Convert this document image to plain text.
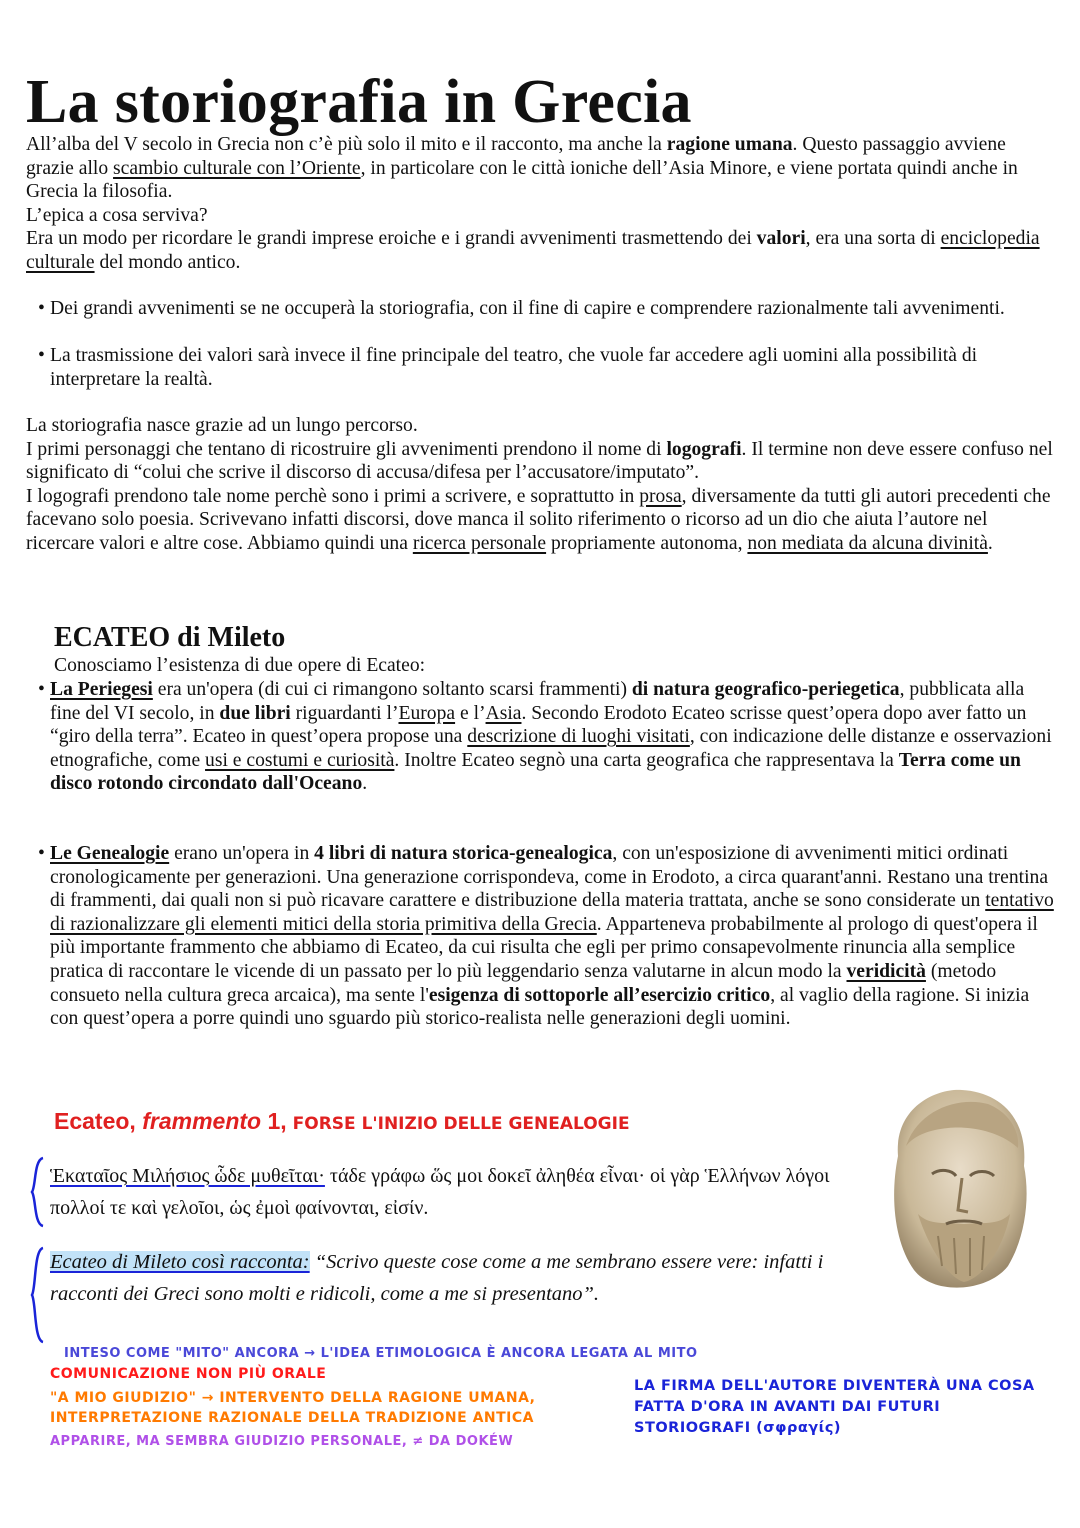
La storiografia in Grecia

All’alba del V secolo in Grecia non c’è più solo il mito e il racconto, ma anche la ragione umana. Questo passaggio avviene grazie allo scambio culturale con l’Oriente, in particolare con le città ioniche dell’Asia Minore, e viene portata quindi anche in Grecia la filosofia.

L’epica a cosa serviva?

Era un modo per ricordare le grandi imprese eroiche e i grandi avvenimenti trasmettendo dei valori, era una sorta di enciclopedia culturale del mondo antico.

• Dei grandi avvenimenti se ne occuperà la storiografia, con il fine di capire e comprendere razionalmente tali avvenimenti.
• La trasmissione dei valori sarà invece il fine principale del teatro, che vuole far accedere agli uomini alla possibilità di interpretare la realtà.
La storiografia nasce grazie ad un lungo percorso.
I primi personaggi che tentano di ricostruire gli avvenimenti prendono il nome di logografi. Il termine non deve essere confuso nel significato di “colui che scrive il discorso di accusa/difesa per l’accusatore/imputato”.
I logografi prendono tale nome perchè sono i primi a scrivere, e soprattutto in prosa, diversamente da tutti gli autori precedenti che facevano solo poesia. Scrivevano infatti discorsi, dove manca il solito riferimento o ricorso ad un dio che aiuta l’autore nel ricercare valori e altre cose. Abbiamo quindi una ricerca personale propriamente autonoma, non mediata da alcuna divinità.
ECATEO di Mileto
Conosciamo l’esistenza di due opere di Ecateo:
• La Periegesi era un'opera (di cui ci rimangono soltanto scarsi frammenti) di natura geografico-periegetica, pubblicata alla fine del VI secolo, in due libri riguardanti l’Europa e l’Asia. Secondo Erodoto Ecateo scrisse quest’opera dopo aver fatto un “giro della terra”. Ecateo in quest’opera propose una descrizione di luoghi visitati, con indicazione delle distanze e osservazioni etnografiche, come usi e costumi e curiosità. Inoltre Ecateo segnò una carta geografica che rappresentava la Terra come un disco rotondo circondato dall'Oceano.
• Le Genealogie erano un'opera in 4 libri di natura storica-genealogica, con un'esposizione di avvenimenti mitici ordinati cronologicamente per generazioni. Una generazione corrispondeva, come in Erodoto, a circa quarant'anni. Restano una trentina di frammenti, dai quali non si può ricavare carattere e distribuzione della materia trattata, anche se sono considerate un tentativo di razionalizzare gli elementi mitici della storia primitiva della Grecia. Apparteneva probabilmente al prologo di quest'opera il più importante frammento che abbiamo di Ecateo, da cui risulta che egli per primo consapevolmente rinuncia alla semplice pratica di raccontare le vicende di un passato per lo più leggendario senza valutarne in alcun modo la veridicità (metodo consueto nella cultura greca arcaica), ma sente l'esigenza di sottoporle all’esercizio critico, al vaglio della ragione. Si inizia con quest’opera a porre quindi uno sguardo più storico-realista nelle generazioni degli uomini.
Ecateo, frammento 1, FORSE L'INIZIO DELLE GENEALOGIE
Ἑκαταῖος Μιλήσιος ὧδε μυθεῖται· τάδε γράφω ὥς μοι δοκεῖ ἀληθέα εἶναι· οἱ γὰρ Ἑλλήνων λόγοι πολλοί τε καὶ γελοῖοι, ὡς ἐμοὶ φαίνονται, εἰσίν.
Ecateo di Mileto così racconta: “Scrivo queste cose come a me sembrano essere vere: infatti i racconti dei Greci sono molti e ridicoli, come a me si presentano”.
INTESO COME "MITO" ANCORA → L'IDEA ETIMOLOGICA È ANCORA LEGATA AL MITO
COMUNICAZIONE NON PIÙ ORALE
"A MIO GIUDIZIO" → INTERVENTO DELLA RAGIONE UMANA, INTERPRETAZIONE RAZIONALE DELLA TRADIZIONE ANTICA
APPARIRE, MA SEMBRA GIUDIZIO PERSONALE, ≠ DA DOKÉW
LA FIRMA DELL'AUTORE DIVENTERÀ UNA COSA FATTA D'ORA IN AVANTI DAI FUTURI STORIOGRAFI (σφραγίς)
